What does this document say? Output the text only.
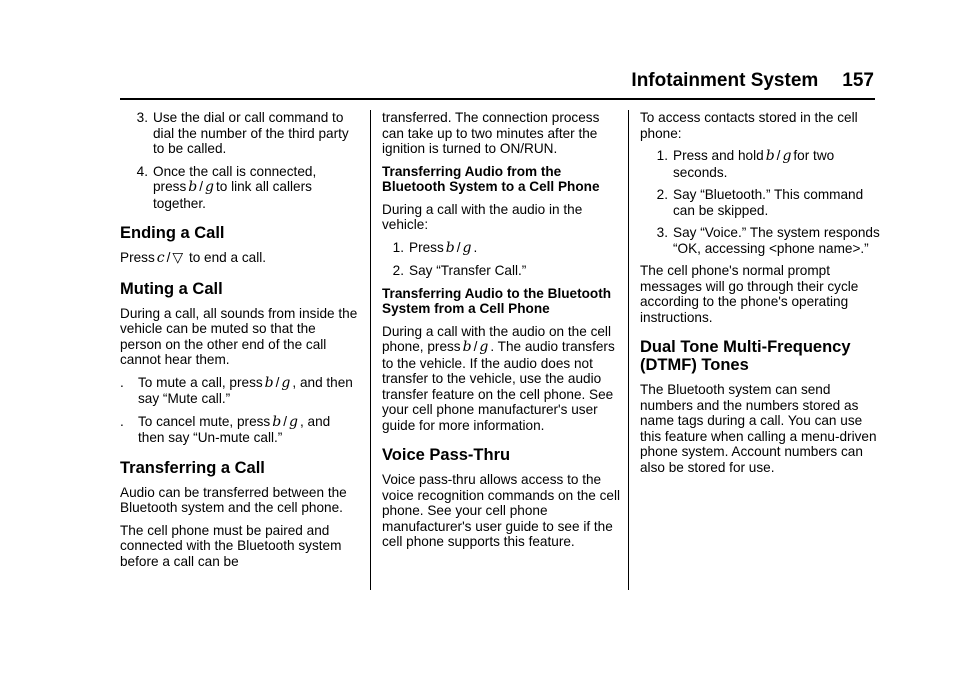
Infotainment System 157
3. Use the dial or call command to dial the number of the third party to be called.
4. Once the call is connected, press b / g to link all callers together.
Ending a Call

Press c / ▽ to end a call.

Muting a Call

During a call, all sounds from inside the vehicle can be muted so that the person on the other end of the call cannot hear them.

.	To mute a call, press b / g , and then say “Mute call.”
.	To cancel mute, press b / g , and then say “Un-mute call.”
Transferring a Call

Audio can be transferred between the Bluetooth system and the cell phone.

The cell phone must be paired and connected with the Bluetooth system before a call can be

transferred. The connection process can take up to two minutes after the ignition is turned to ON/RUN.

Transferring Audio from the Bluetooth System to a Cell Phone

During a call with the audio in the vehicle:

1. Press b / g .
2. Say “Transfer Call.”
Transferring Audio to the Bluetooth System from a Cell Phone

During a call with the audio on the cell phone, press b / g . The audio transfers to the vehicle. If the audio does not transfer to the vehicle, use the audio transfer feature on the cell phone. See your cell phone manufacturer's user guide for more information.

Voice Pass-Thru

Voice pass-thru allows access to the voice recognition commands on the cell phone. See your cell phone manufacturer's user guide to see if the cell phone supports this feature.

To access contacts stored in the cell phone:

1. Press and hold b / g for two seconds.
2. Say “Bluetooth.” This command can be skipped.
3. Say “Voice.” The system responds “OK, accessing <phone name>.”

The cell phone's normal prompt messages will go through their cycle according to the phone's operating instructions.

Dual Tone Multi-Frequency (DTMF) Tones

The Bluetooth system can send numbers and the numbers stored as name tags during a call. You can use this feature when calling a menu-driven phone system. Account numbers can also be stored for use.
